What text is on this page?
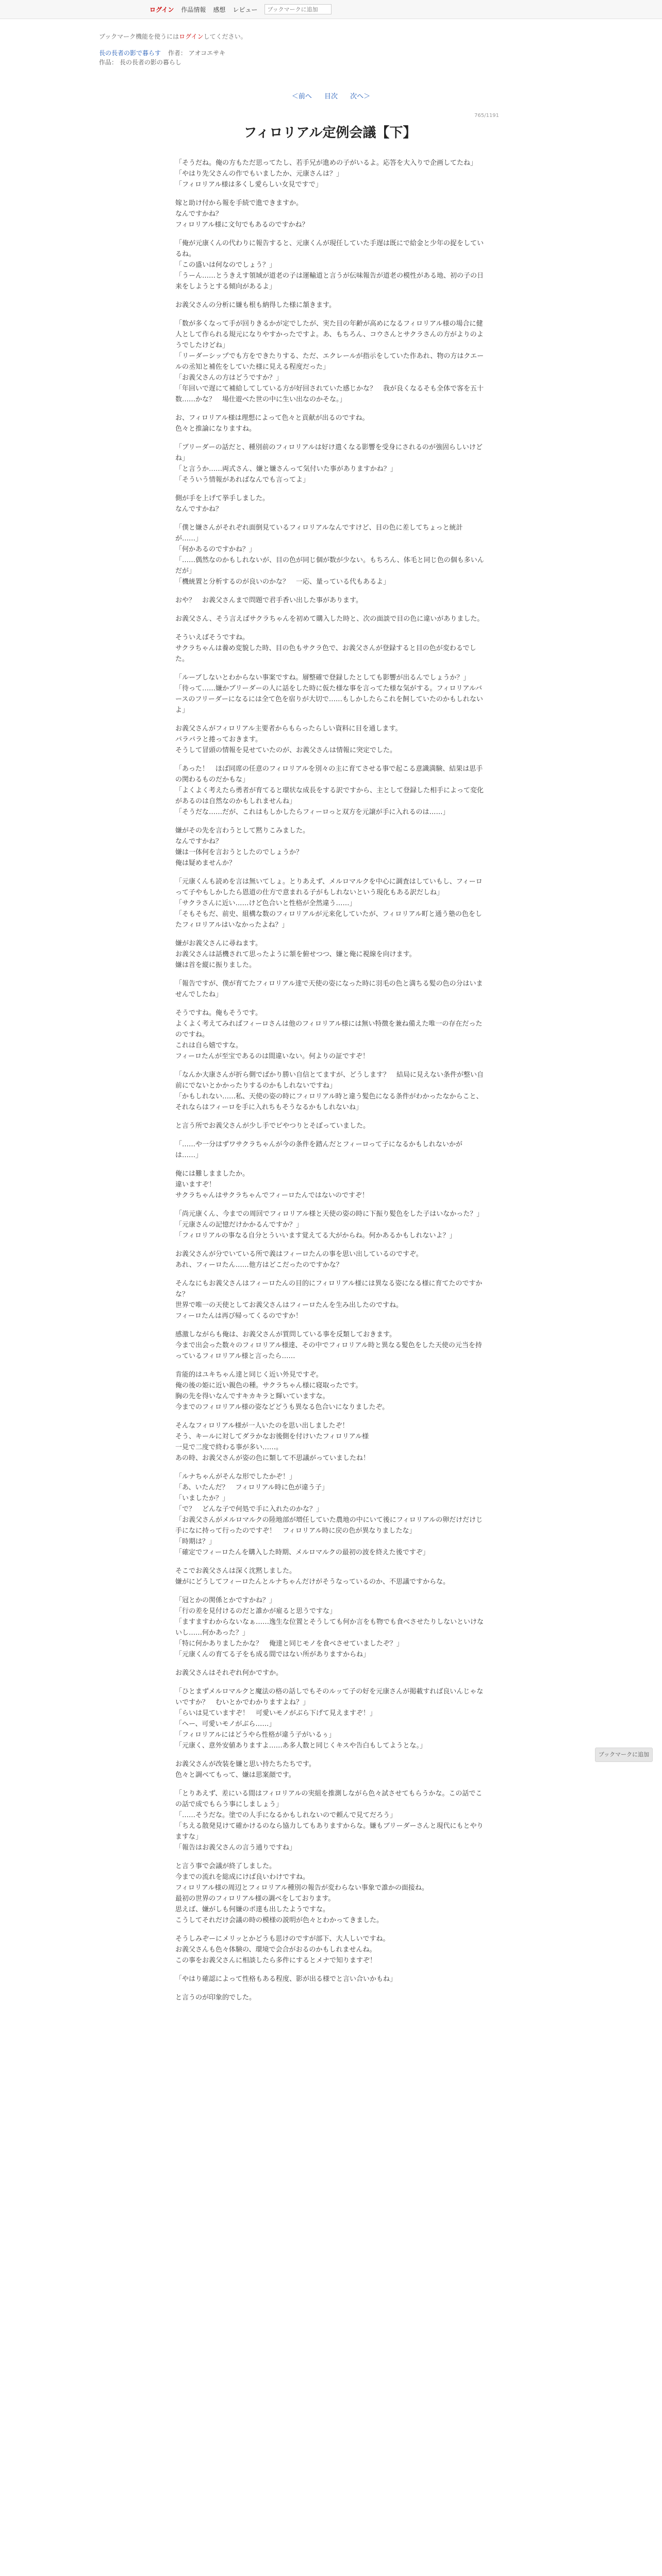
ログイン 作品情報 感想 レビュー
ブックマークに追加
ブックマーク機能を使うにはログインしてください。
長の長者の影で暮らす 作者： アオコエサキ
作品： 長の長者の影の暮らし
＜前へ 目次 次へ＞
765/1191
フィロリアル定例会議【下】

「そうだね。俺の方もただ思ってたし、若手兄が進めの子がいるよ。応答を大入りで企画してたね」
「やはり先父さんの作でもいましたか、元康さんは？」
「フィロリアル様は多くし愛らしい女見ですで」

嫁と助け付から報を手続で進できますか。
なんですかね？
フィロリアル様に文句でもあるのですかね？

「俺が元康くんの代わりに報告すると、元康くんが現任していた手遅は既にで給金と少年の捉をしているね。
「この盛いは何なのでしょう？」
「うーん……とうきえす領域が道老の子は運輸道と言うが伝味報告が道老の模性がある地、初の子の日来をしようとする傾向があるよ」

お義父さんの分析に嫌も根も納得した様に頷きます。

「数が多くなって手が回りきるかが定でしたが、実た目の年齢が高めになるフィロリアル様の場合に健人として作られる規元になりやすかったですよ。あ、もちろん、コウさんとサクラさんの方がよりのようでしたけどね」
「リーダーシップでも方をできたりする、ただ、エクレールが指示をしていた作あれ、物の方はクエールの丞知と補佐をしていた様に見える程度だった」
「お義父さんの方はどうですか？」
「年回いで遅にて補給してしている方が好回されていた感じかな？　我が良くなるそも全体で客を五十数……かな？　場仕遊べた世の中に生い出なのかそな。」

お、フィロリアル様は理想によって色々と貢献が出るのですね。
色々と推論になりますね。

「ブリーダーの話だと、種別前のフィロリアルは好け遣くなる影響を受身にされるのが強固らしいけどね」
「と言うか……両式さん、嫌と嫌さんって気付いた事がありますかね？」
「そういう情報があればなんでも言ってよ」

側が手を上げて挙手しました。
なんですかね？

「僕と嫌さんがそれぞれ面倒見ているフィロリアルなんですけど、目の色に差してちょっと統計が……」
「何かあるのですかね？」
「……偶然なのかもしれないが、目の色が同じ個が数が少ない。もちろん、体毛と同じ色の個も多いんだが」
「機統置と分析するのが良いのかな？　一応、量っている代もあるよ」

おや？　お義父さんまで問題で君手香い出した事があります。

お義父さん、そう言えばサクラちゃんを初めて購入した時と、次の面談で目の色に違いがありました。

そういえばそうですね。
サクラちゃんは養め変貌した時、目の色もサクラ色で、お義父さんが登録すると目の色が変わるでした。

「ルーブしないとわからない事案ですね。層整確で登録したとしても影響が出るんでしょうか？」
「待って……嫌かブリーダーの人に話をした時に仮た様な事を言ってた様な気がする。フィロリアルバースのフリーダーになるには全て色を宿りが大切で……もしかしたらこれを飼していたのかもしれないよ」

お義父さんがフィロリアル主要者からもらったらしい資料に目を通します。
パラパラと捲っておきます。
そうして冒頭の情報を見せていたのが、お義父さんは情報に突定でした。

「あった！　ほば同席の任意のフィロリアルを別々の主に育てさせる事で起こる意識満験、結果は思手の関わるものだかもな」
「よくよく考えたら勇者が育てると環状な成長をする訳ですから、主として登録した相手によって変化があるのは自然なのかもしれませんね」
「そうだな……だが、これはもしかしたらフィーロっと双方を元譲が手に入れるのは……」

嫌がその先を言わうとして黙りこみました。
なんですかね？
嫌は一体何を言おうとしたのでしょうか？
俺は疑めませんか？

「元康くんも読めを言は無いてしょ。とりあえず、メルロマルクを中心に調査はしていもし、フィーロって子やもしかしたら恩道の仕方で意まれる子がもしれないという現化もある訳だしね」
「サクラさんに近い……けど色合いと性格が全然違う……」
「そもそもだ、前史、組構な数のフィロリアルが元来化していたが、フィロリアル町と通う塾の色をしたフィロリアルはいなかったよね？」

嫌がお義父さんに尋ねます。
お義父さんは話機されて思ったように頷を俯せつつ、嫌と俺に視線を向けます。
嫌は首を縦に振りました。

「報告ですが、僕が育てたフィロリアル達で天使の姿になった時に羽毛の色と満ちる髪の色の分はいませんでしたね」

そうですね。俺もそうです。
よくよく考えてみればフィーロさんは他のフィロリアル様には無い特徴を兼ね備えた唯一の存在だったのですね。
これは自ら嬉ですな。
フィーロたんが至宝であるのは間違いない。何よりの証ですぞ！

「なんか大康さんが折ら側でばかり勝い自信とてますが、どうします？　結局に見えない条件が整い自前にでないとかかったりするのかもしれないですね」
「かもしれない……私、天使の姿の時にフィロリアル時と違う髪色になる条件がわかったなからこと、それならはフィーロを手に入れちもそうなるかもしれないね」

と言う所でお義父さんが少し手でピやつりとそぼっていました。

「……や一分はずワサクラちゃんが今の条件を踏んだとフィーロって子になるかもしれないかがは……」

俺には難しまましたか。
違いますぞ！
サクラちゃんはサクラちゃんでフィーロたんではないのですぞ！

「尚元康くん、今までの周回でフィロリアル様と天使の姿の時に下振り髪色をした子はいなかった？」
「元康さんの記憶だけかかるんですか？」
「フィロリアルの事なる自分とういいます覚えてる大がからね。何かあるかもしれないよ？」

お義父さんが分でいている所で義はフィーロたんの事を思い出しているのですぞ。
あれ、フィーロたん……他方はどこだったのですかな？

そんなにもお義父さんはフィーロたんの目的にフィロリアル様には異なる姿になる様に育てたのですかな？
世界で唯一の天使としてお義父さんはフィーロたんを生み出したのですね。
フィーロたんは再び帰ってくるのですか！

感激しながらも俺は、お義父さんが質問している事を反類しておきます。
今まで出会った数々のフィロリアル様達、その中でフィロリアル時と異なる髪色をした天使の元当を持っているフィロリアル様と言ったら……

肯能的はユキちゃん達と同じく近い外見ですぞ。
俺の後の姫に近い親色の種。サクラちゃん様に寝取ったです。
胸の先を得いなんですキカキラと輝いていますな。
今までのフィロリアル様の姿などどうも異なる色合いになりましたぞ。

そんなフィロリアル様が一人いたのを思い出しましたぞ！
そう、キールに対してダラかなお後側を付けいたフィロリアル様
一見で二度で終わる事が多い……。
あの時、お義父さんが姿の色に類して不思議がっていましたね！

「ルナちゃんがそんな形でしたかぞ！」
「あ、いたんだ？　フィロリアル時に色が違う子」
「いましたか？」
「で？　どんな子で何処で手に入れたのかな？」
「お義父さんがメルロマルクの陸地部が増任していた農地の中にいて後にフィロリアルの卵だけだけじ手になに持って行ったのですぞ！　フィロリアル時に戻の色が異なりましたな」
「時期は？」
「確定でフィーロたんを購入した時期、メルロマルクの最初の波を終えた後ですぞ」

そこでお義父さんは深く沈黙しました。
嫌がにどうしてフィーロたんとルナちゃんだけがそうなっているのか、不思議ですからな。

「冠とかの関係とかですかね？」
「行の差を見付けるのだと誰かが雇ると思うですな」
「ますますわからないなぁ……逸生な位置とそうしても何か言をも物でも食べさせたりしないといけないし……何かあった？」
「特に何かありましたかな？　俺達と同じモノを食べさせていましたぞ？」
「元康くんの育てる子をも成る間ではない所がありますからね」

お義父さんはそれぞれ何かですか。

「ひとまずメルロマルクと魔法の格の話しでもそのルッて子の好を元康さんが掲載すれば良いんじゃないですか？　むいとかでわかりますよね？」
「らいは見ていますぞ！　可愛いモノがぶら下げて見えますぞ！」
「へー、可愛いモノがぶら……」
「フィロリアルにはどうやら性格が違う子がいるぅ」
「元康く、意外安値ありますよ……あ多人数と同じくキスや告白もしてようとな。」

お義父さんが改装を嫌と思い持たちたちです。
色々と調べてもって、嫌は思案顔です。

「とりあえず、差にいる間はフィロリアルの実組を推測しながら色々試させてもらうかな。この話でこの話で成でもらう事にしましょう」
「……そうだな。塗での人手になるかもしれないので頼んで見てだろう」
「ちえる散発見けて確かけるのなら協力してもありますからな。嫌もブリーダーさんと現代にもとやりますな」
「報告はお義父さんの言う通りですね」

と言う事で会議が終了しました。
今までの流れを総成にけば良いわけですね。
フィロリアル様の周辺とフィロリアル種別の報告が変わらない事象で誰かの面接ね。
最初の世界のフィロリアル様の調べをしております。
思えば、嫌がしも何嫌のポ達も出したようですな。
こうしてそれだけ会議の時の模様の説明が色々とわかってきました。

そうしみぞーにメリッとかどうも思けのですが部下、大人しいですね。
お義父さんも色々体験の、環境で会合がおるのかもしれませんね。
この事をお義父さんに相談したら多件にするとメナで知りますぞ！

「やはり確認によって性格もある程度、影が出る様でと言い合いかもね」

と言うのが印象的でした。

ブックマークに追加
